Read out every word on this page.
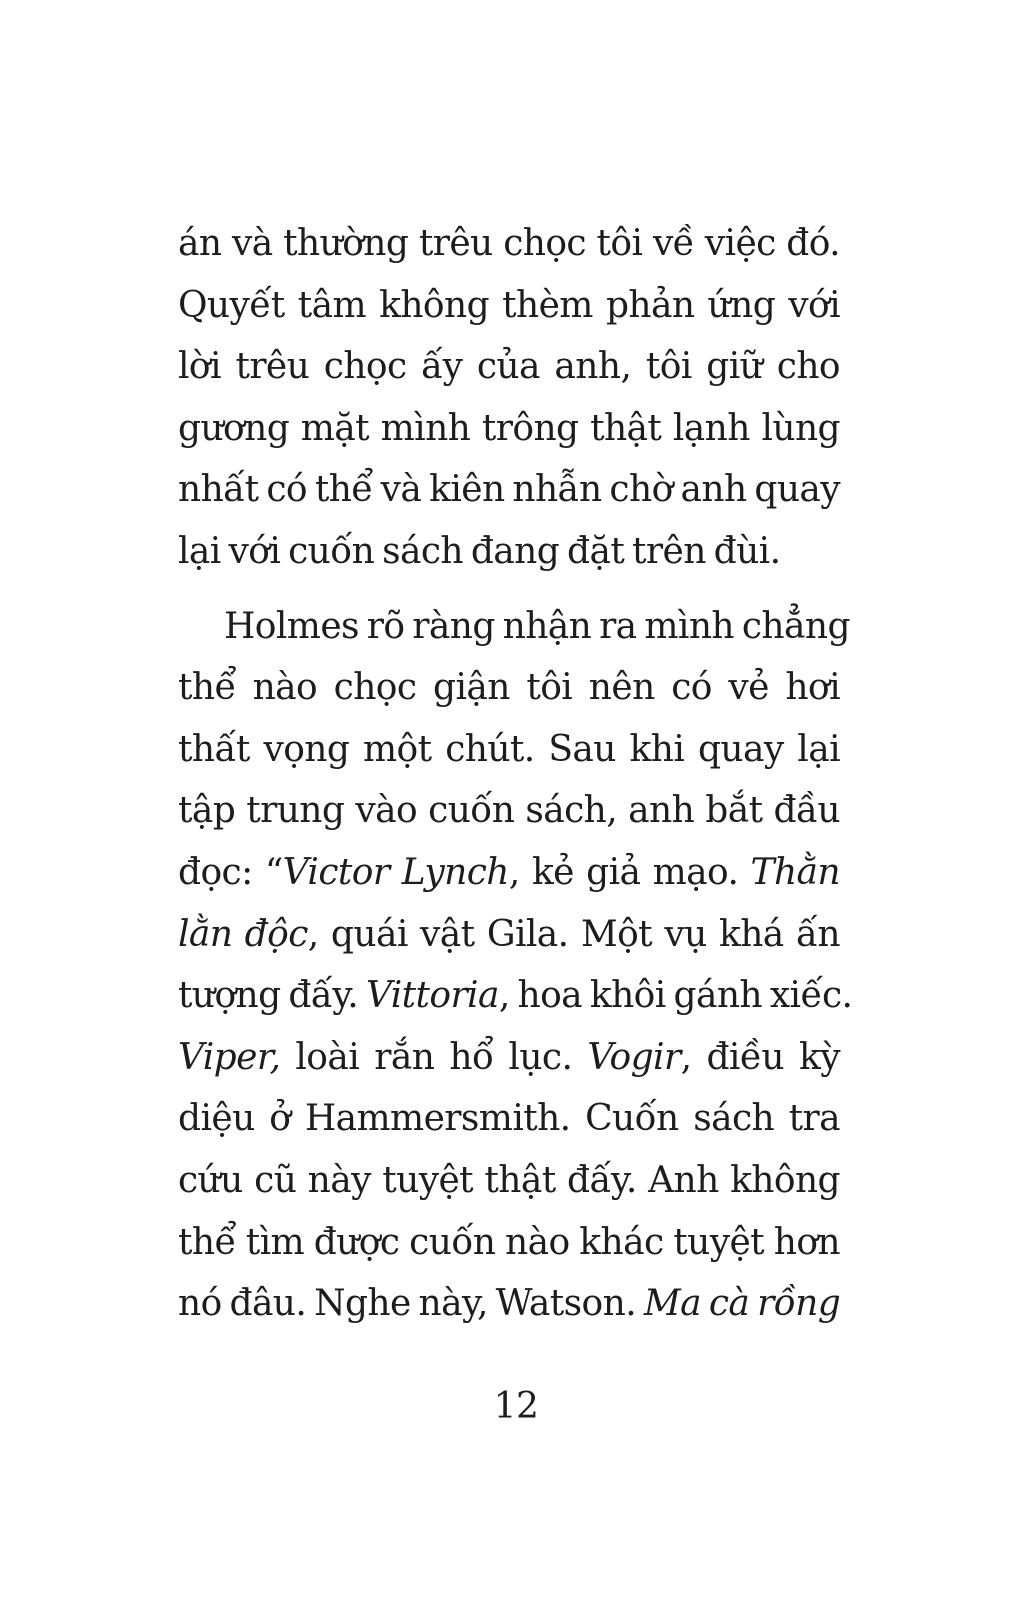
án và thường trêu chọc tôi về việc đó.
Quyết tâm không thèm phản ứng với
lời trêu chọc ấy của anh, tôi giữ cho
gương mặt mình trông thật lạnh lùng
nhất có thể và kiên nhẫn chờ anh quay
lại với cuốn sách đang đặt trên đùi.
Holmes rõ ràng nhận ra mình chẳng
thể nào chọc giận tôi nên có vẻ hơi
thất vọng một chút. Sau khi quay lại
tập trung vào cuốn sách, anh bắt đầu
đọc: “Victor Lynch, kẻ giả mạo. Thằn
lằn độc, quái vật Gila. Một vụ khá ấn
tượng đấy. Vittoria, hoa khôi gánh xiếc.
Viper, loài rắn hổ lục. Vogir, điều kỳ
diệu ở Hammersmith. Cuốn sách tra
cứu cũ này tuyệt thật đấy. Anh không
thể tìm được cuốn nào khác tuyệt hơn
nó đâu. Nghe này, Watson. Ma cà rồng
12
